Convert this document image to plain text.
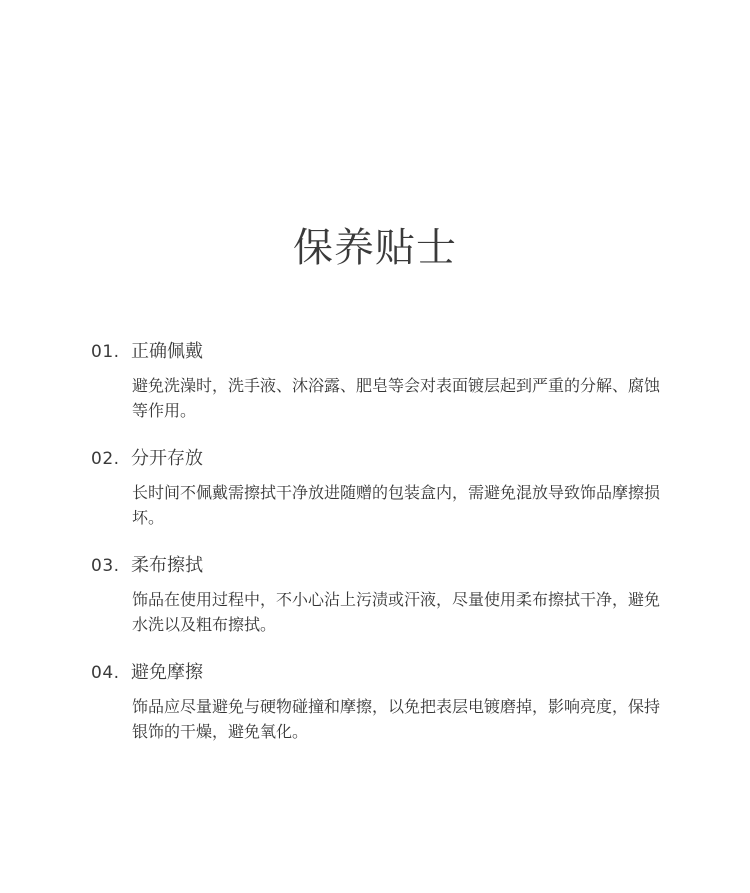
保养贴士
01. 正确佩戴
避免洗澡时，洗手液、沐浴露、肥皂等会对表面镀层起到严重的分解、腐蚀等作用。
02. 分开存放
长时间不佩戴需擦拭干净放进随赠的包装盒内，需避免混放导致饰品摩擦损坏。
03. 柔布擦拭
饰品在使用过程中，不小心沾上污渍或汗液，尽量使用柔布擦拭干净，避免水洗以及粗布擦拭。
04. 避免摩擦
饰品应尽量避免与硬物碰撞和摩擦，以免把表层电镀磨掉，影响亮度，保持银饰的干燥，避免氧化。
